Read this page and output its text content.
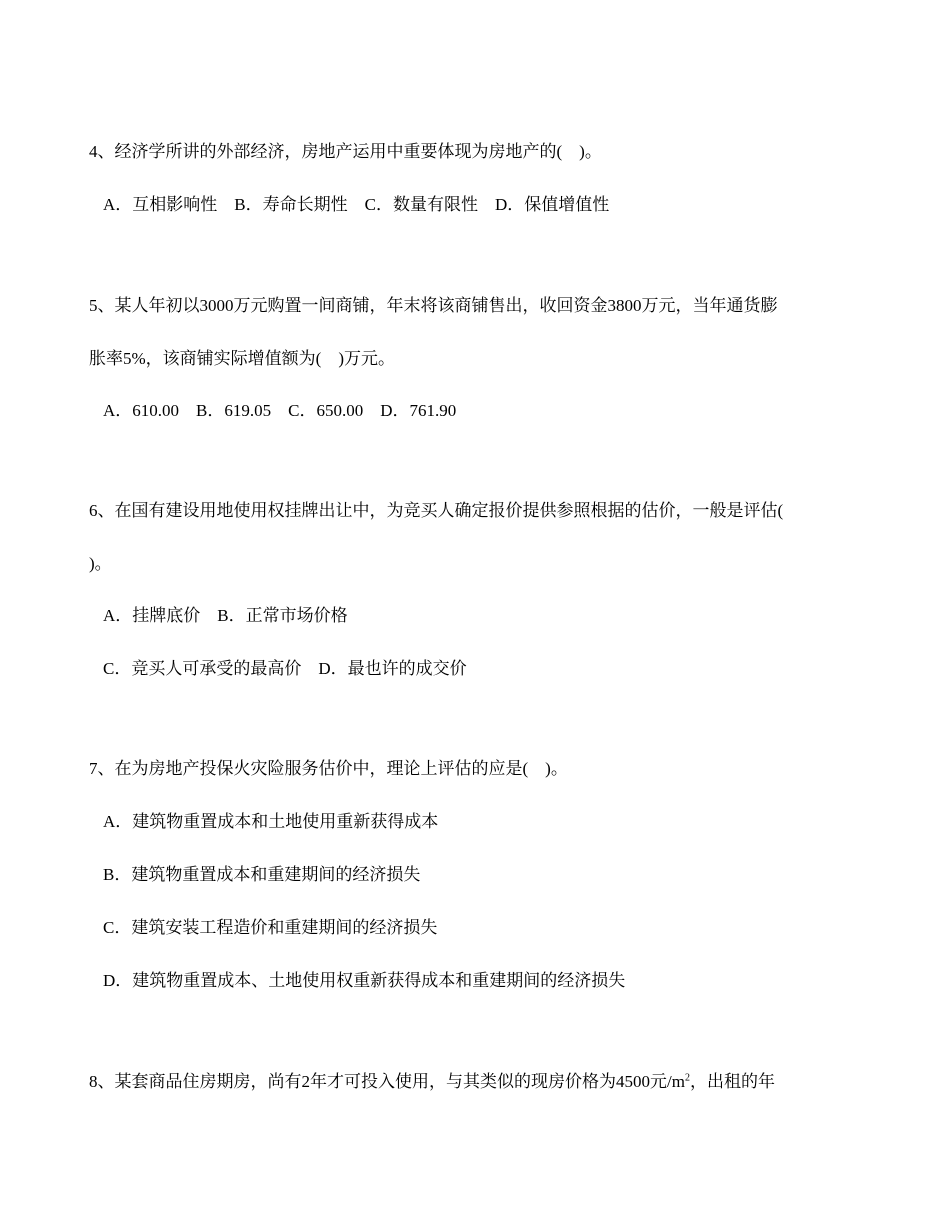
4、经济学所讲的外部经济，房地产运用中重要体现为房地产的(　)。
A．互相影响性　B．寿命长期性　C．数量有限性　D．保值增值性
5、某人年初以3000万元购置一间商铺，年末将该商铺售出，收回资金3800万元，当年通货膨
胀率5%，该商铺实际增值额为(　)万元。
A．610.00　B．619.05　C．650.00　D．761.90
6、在国有建设用地使用权挂牌出让中，为竞买人确定报价提供参照根据的估价，一般是评估(
)。
A．挂牌底价　B．正常市场价格
C．竞买人可承受的最高价　D．最也许的成交价
7、在为房地产投保火灾险服务估价中，理论上评估的应是(　)。
A．建筑物重置成本和土地使用重新获得成本
B．建筑物重置成本和重建期间的经济损失
C．建筑安装工程造价和重建期间的经济损失
D．建筑物重置成本、土地使用权重新获得成本和重建期间的经济损失
8、某套商品住房期房，尚有2年才可投入使用，与其类似的现房价格为4500元$/m^2$，出租的年
